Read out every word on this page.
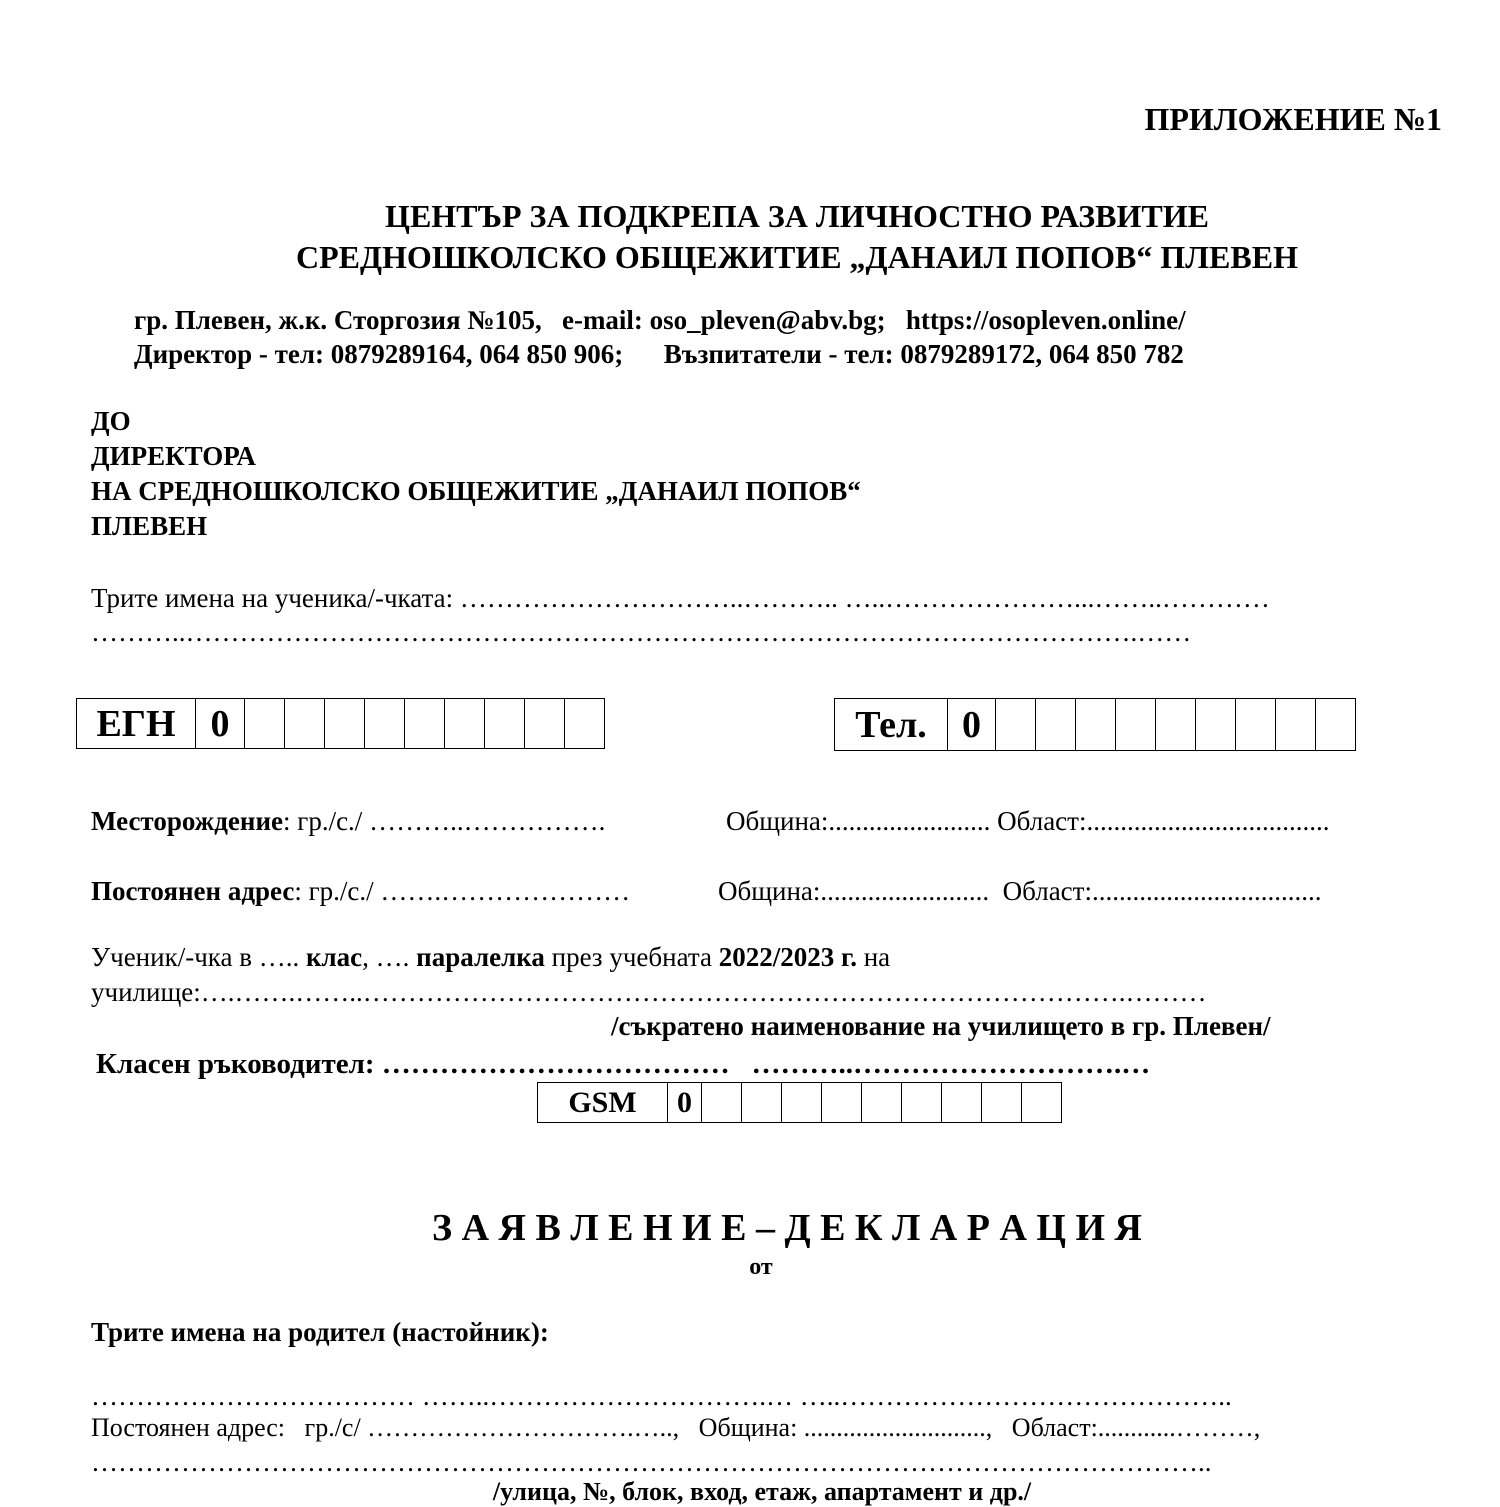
ПРИЛОЖЕНИЕ №1
ЦЕНТЪР ЗА ПОДКРЕПА ЗА ЛИЧНОСТНО РАЗВИТИЕ
СРЕДНОШКОЛСКО ОБЩЕЖИТИЕ „ДАНАИЛ ПОПОВ“ ПЛЕВЕН
гр. Плевен, ж.к. Сторгозия №105,   e-mail: oso_pleven@abv.bg;   https://osopleven.online/
Директор - тел: 0879289164, 064 850 906;      Възпитатели - тел: 0879289172, 064 850 782
ДО
ДИРЕКТОРА
НА СРЕДНОШКОЛСКО ОБЩЕЖИТИЕ „ДАНАИЛ ПОПОВ“
ПЛЕВЕН
Трите имена на ученика/-чката: …………………………..……….. …..…………………...……..…………
………..…………………………………………………………………………………………….……
ЕГН	0										Тел.	0									
Месторождение: гр./с./ ………..…………….	Община:........................ Област:....................................
Постоянен адрес: гр./с./ …….…………………	Община:.........................  Област:..................................
Ученик/-чка в ….. клас, …. паралелка през учебната 2022/2023 г. на
училище:….…….……..………………………………………………………………………….………
/съкратено наименование на училището в гр. Плевен/
Класен ръководител: ………………………………   ………..……………………….…
GSM	0									
З А Я В Л Е Н И Е – Д Е К Л А Р А Ц И Я
от
Трите имена на родител (настойник):
……………………………… ……..………………………….… …..……………………………………..
Постоянен адрес:   гр./с/ ………………………….…..,   Община: ............................,   Област:............………,
……………………………………………………………………………………………………………..
/улица, №, блок, вход, етаж, апартамент и др./
